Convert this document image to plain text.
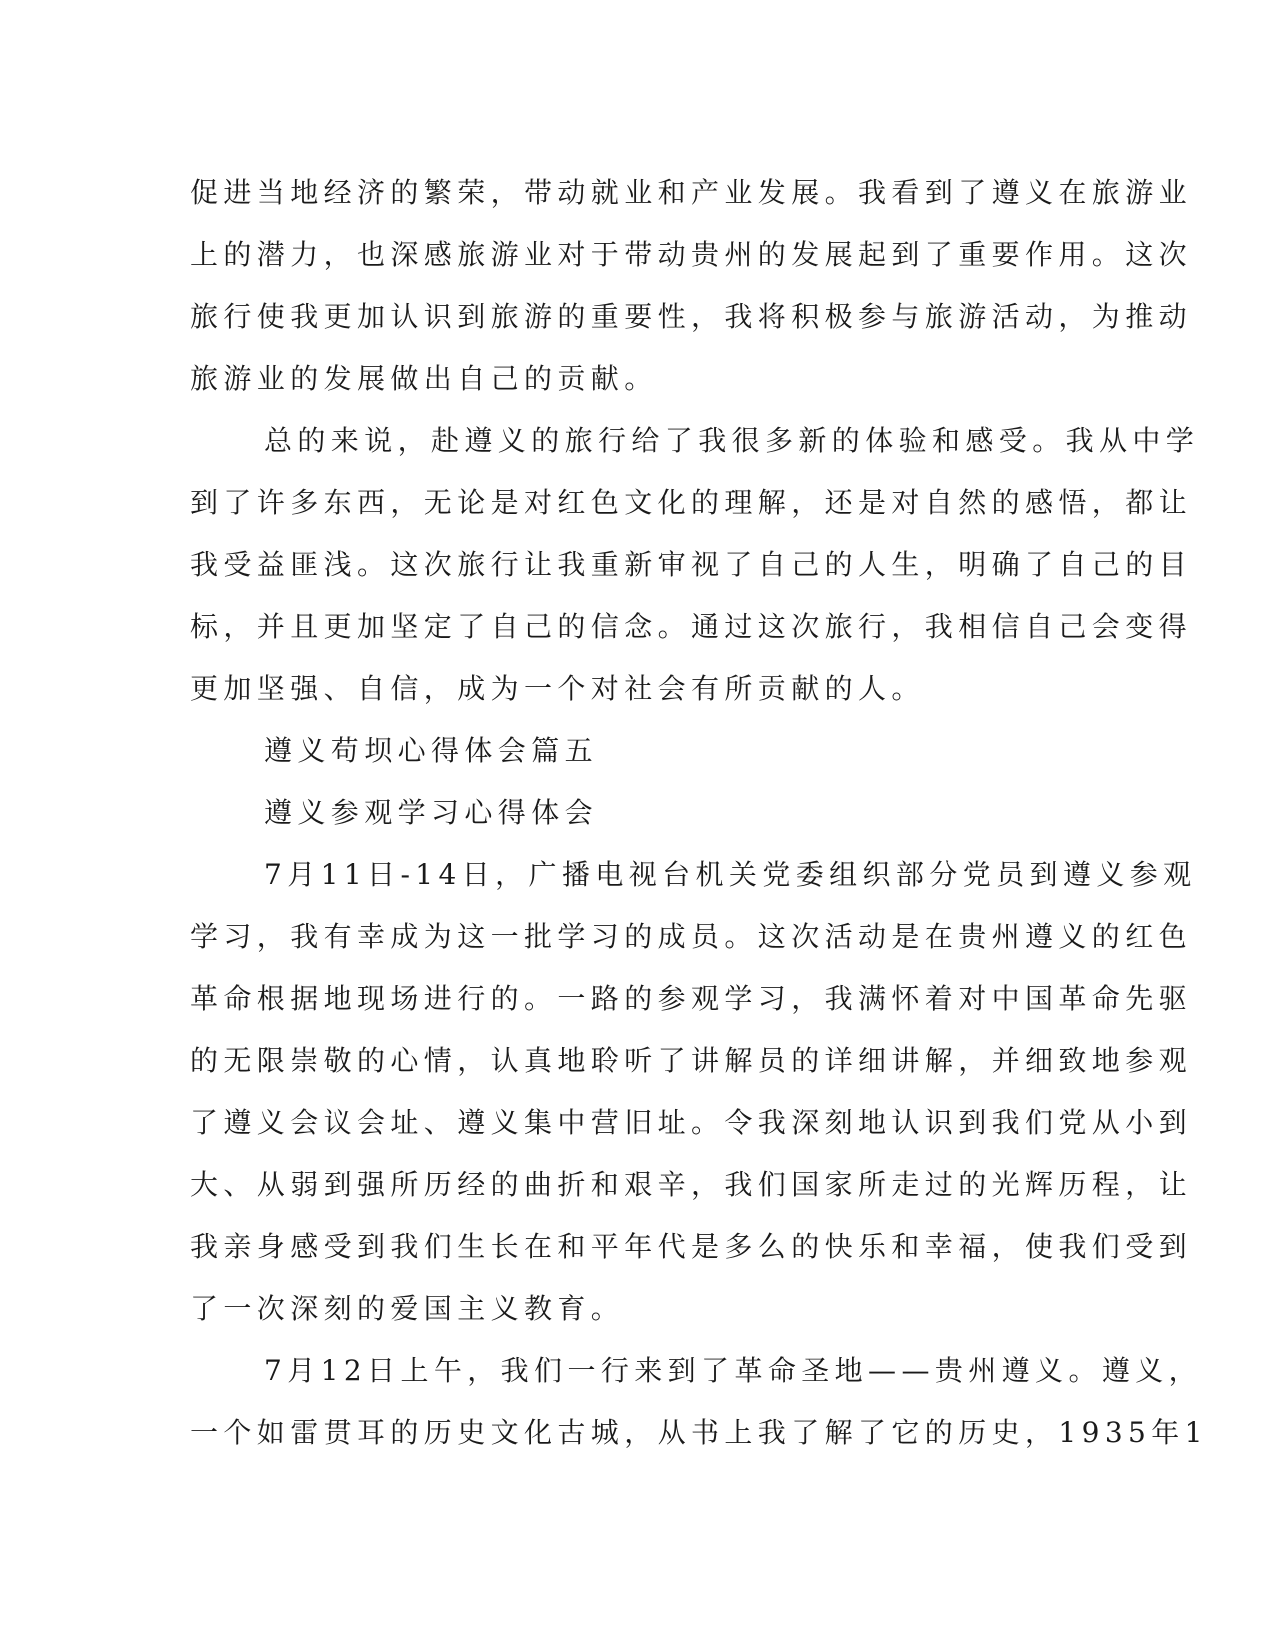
促进当地经济的繁荣，带动就业和产业发展。我看到了遵义在旅游业
上的潜力，也深感旅游业对于带动贵州的发展起到了重要作用。这次
旅行使我更加认识到旅游的重要性，我将积极参与旅游活动，为推动
旅游业的发展做出自己的贡献。
总的来说，赴遵义的旅行给了我很多新的体验和感受。我从中学
到了许多东西，无论是对红色文化的理解，还是对自然的感悟，都让
我受益匪浅。这次旅行让我重新审视了自己的人生，明确了自己的目
标，并且更加坚定了自己的信念。通过这次旅行，我相信自己会变得
更加坚强、自信，成为一个对社会有所贡献的人。
遵义苟坝心得体会篇五
遵义参观学习心得体会
7月11日-14日，广播电视台机关党委组织部分党员到遵义参观
学习，我有幸成为这一批学习的成员。这次活动是在贵州遵义的红色
革命根据地现场进行的。一路的参观学习，我满怀着对中国革命先驱
的无限崇敬的心情，认真地聆听了讲解员的详细讲解，并细致地参观
了遵义会议会址、遵义集中营旧址。令我深刻地认识到我们党从小到
大、从弱到强所历经的曲折和艰辛，我们国家所走过的光辉历程，让
我亲身感受到我们生长在和平年代是多么的快乐和幸福，使我们受到
了一次深刻的爱国主义教育。
7月12日上午，我们一行来到了革命圣地——贵州遵义。遵义，
一个如雷贯耳的历史文化古城，从书上我了解了它的历史，1935年1
